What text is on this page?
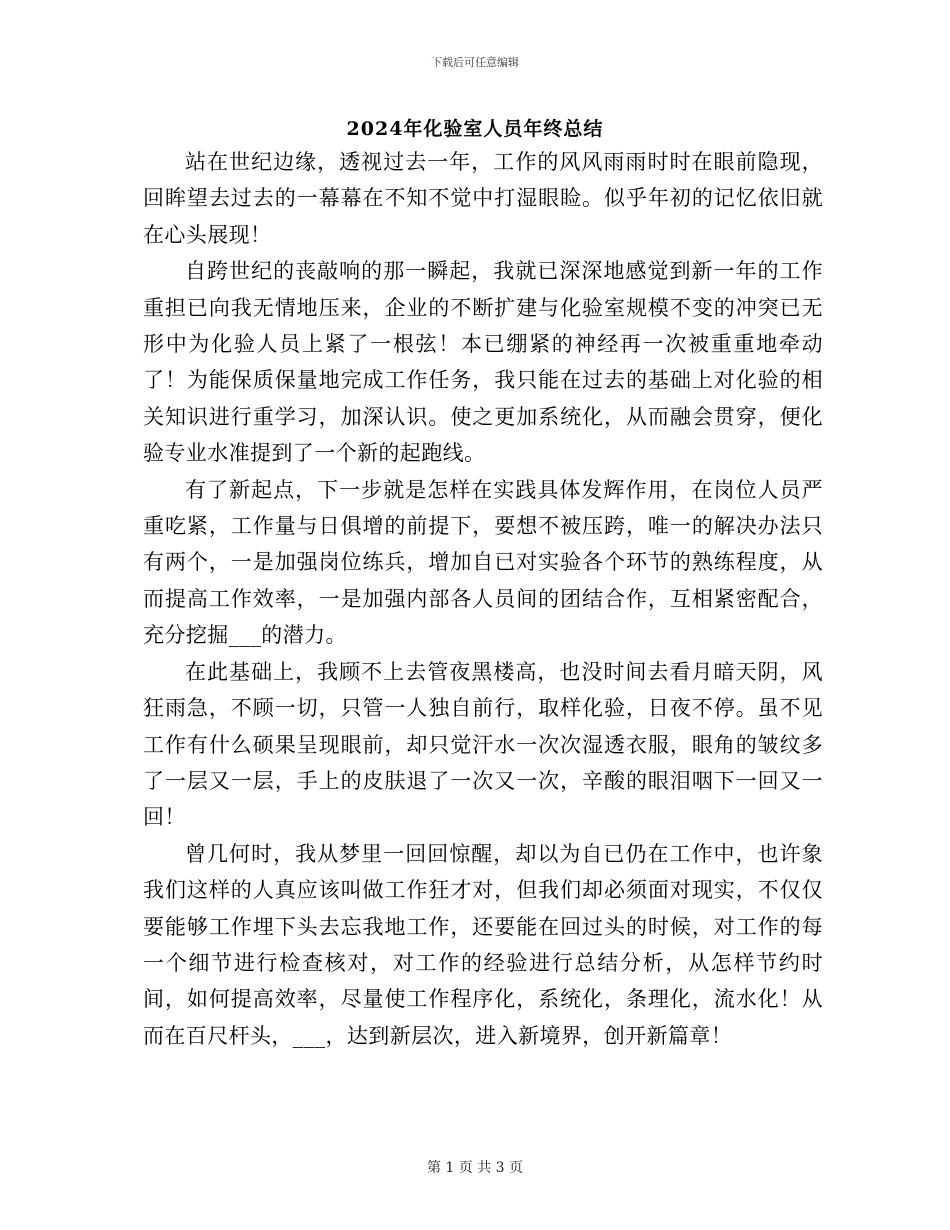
下载后可任意编辑
2024年化验室人员年终总结

站在世纪边缘，透视过去一年，工作的风风雨雨时时在眼前隐现，回眸望去过去的一幕幕在不知不觉中打湿眼睑。似乎年初的记忆依旧就在心头展现！

自跨世纪的丧敲响的那一瞬起，我就已深深地感觉到新一年的工作重担已向我无情地压来，企业的不断扩建与化验室规模不变的冲突已无形中为化验人员上紧了一根弦！本已绷紧的神经再一次被重重地牵动了！为能保质保量地完成工作任务，我只能在过去的基础上对化验的相关知识进行重学习，加深认识。使之更加系统化，从而融会贯穿，便化验专业水准提到了一个新的起跑线。

有了新起点，下一步就是怎样在实践具体发辉作用，在岗位人员严重吃紧，工作量与日俱增的前提下，要想不被压跨，唯一的解决办法只有两个，一是加强岗位练兵，增加自已对实验各个环节的熟练程度，从而提高工作效率，一是加强内部各人员间的团结合作，互相紧密配合，充分挖掘___的潜力。

在此基础上，我顾不上去管夜黑楼高，也没时间去看月暗天阴，风狂雨急，不顾一切，只管一人独自前行，取样化验，日夜不停。虽不见工作有什么硕果呈现眼前，却只觉汗水一次次湿透衣服，眼角的皱纹多了一层又一层，手上的皮肤退了一次又一次，辛酸的眼泪咽下一回又一回！

曾几何时，我从梦里一回回惊醒，却以为自已仍在工作中，也许象我们这样的人真应该叫做工作狂才对，但我们却必须面对现实，不仅仅要能够工作埋下头去忘我地工作，还要能在回过头的时候，对工作的每一个细节进行检查核对，对工作的经验进行总结分析，从怎样节约时间，如何提高效率，尽量使工作程序化，系统化，条理化，流水化！从而在百尺杆头，___，达到新层次，进入新境界，创开新篇章！

第 1 页 共 3 页
